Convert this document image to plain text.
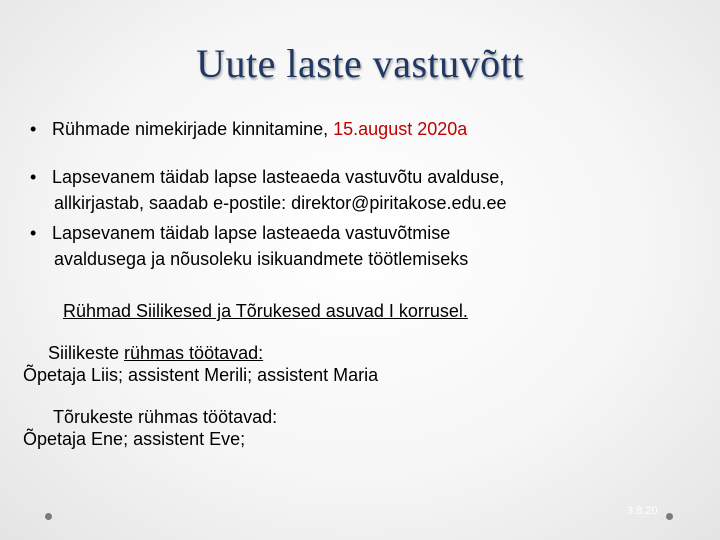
Uute laste vastuvõtt
• Rühmade nimekirjade kinnitamine, 15.august 2020a
• Lapsevanem täidab lapse lasteaeda vastuvõtu avalduse,
allkirjastab, saadab e-postile: direktor@piritakose.edu.ee
• Lapsevanem täidab lapse lasteaeda vastuvõtmise
avaldusega ja nõusoleku isikuandmete töötlemiseks
Rühmad Siilikesed ja Tõrukesed asuvad I korrusel.
Siilikeste rühmas töötavad:
Õpetaja Liis; assistent Merili; assistent Maria
Tõrukeste rühmas töötavad:
Õpetaja Ene; assistent Eve;
3.8.20
